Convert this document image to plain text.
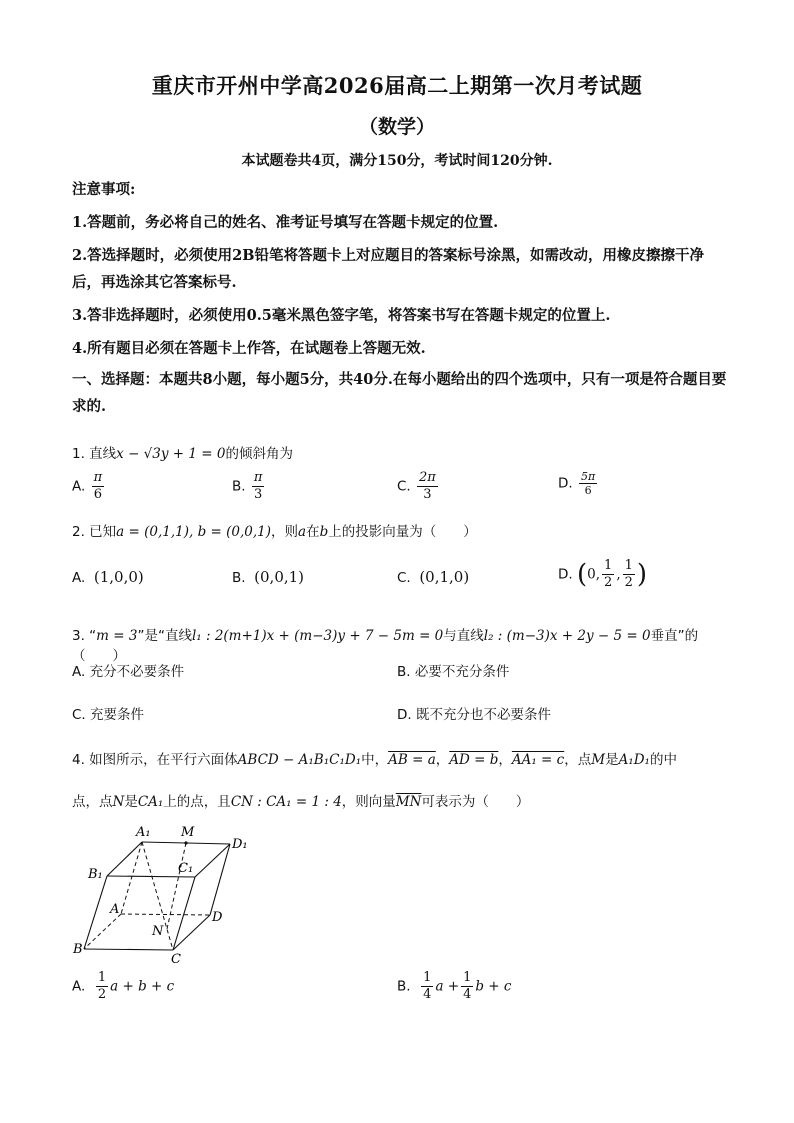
重庆市开州中学高2026届高二上期第一次月考试题
（数学）
本试题卷共4页，满分150分，考试时间120分钟.

注意事项:

1.答题前，务必将自己的姓名、准考证号填写在答题卡规定的位置.

2.答选择题时，必须使用2B铅笔将答题卡上对应题目的答案标号涂黑，如需改动，用橡皮擦擦干净后，再选涂其它答案标号.

3.答非选择题时，必须使用0.5毫米黑色签字笔，将答案书写在答题卡规定的位置上.

4.所有题目必须在答题卡上作答，在试题卷上答题无效.

一、选择题：本题共8小题，每小题5分，共40分.在每小题给出的四个选项中，只有一项是符合题目要求的.
1. 直线x − √3y + 1 = 0的倾斜角为
A. $\frac{\pi}{6}$	B. $\frac{\pi}{3}$	C. $\frac{2\pi}{3}$	D. $\frac{5\pi}{6}$
2. 已知a = (0,1,1), b = (0,0,1)，则a在b上的投影向量为（　　）
A. (1,0,0)	B. (0,0,1)	C. (0,1,0)	D. (0, $\frac{1}{2}$ , $\frac{1}{2}$ )
3. “m = 3”是“直线l₁ : 2(m+1)x + (m−3)y + 7 − 5m = 0与直线l₂ : (m−3)x + 2y − 5 = 0垂直”的（　　）
A. 充分不必要条件	B. 必要不充分条件
C. 充要条件	D. 既不充分也不必要条件
4. 如图所示，在平行六面体ABCD − A₁B₁C₁D₁中，AB = a，AD = b，AA₁ = c，点M是A₁D₁的中
点，点N是CA₁上的点，且CN : CA₁ = 1 : 4，则向量$\overline{MN}$可表示为（　　）
A₁ M
D₁
B₁	C₁
A
D
N
B
C
A. $\frac{1}{2}$ a + b + c	B. $\frac{1}{4}$ $a + \frac{1}{4}$ b + c
